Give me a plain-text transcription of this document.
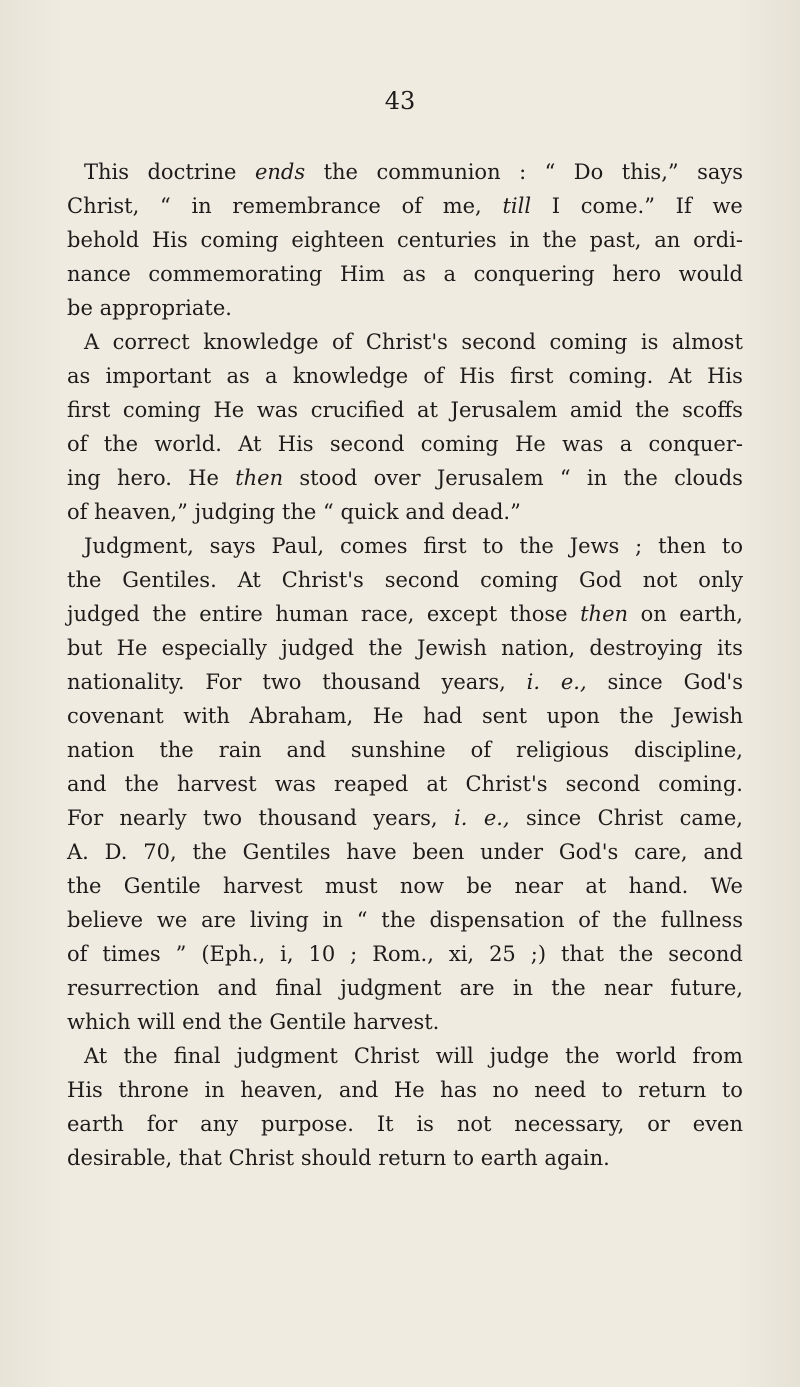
43
This doctrine ends the communion : “ Do this,” says
Christ, “ in remembrance of me, till I come.” If we
behold His coming eighteen centuries in the past, an ordi-
nance commemorating Him as a conquering hero would
be appropriate.
A correct knowledge of Christ's second coming is almost
as important as a knowledge of His first coming. At His
first coming He was crucified at Jerusalem amid the scoffs
of the world. At His second coming He was a conquer-
ing hero. He then stood over Jerusalem “ in the clouds
of heaven,” judging the “ quick and dead.”
Judgment, says Paul, comes first to the Jews ; then to
the Gentiles. At Christ's second coming God not only
judged the entire human race, except those then on earth,
but He especially judged the Jewish nation, destroying its
nationality. For two thousand years, i. e., since God's
covenant with Abraham, He had sent upon the Jewish
nation the rain and sunshine of religious discipline,
and the harvest was reaped at Christ's second coming.
For nearly two thousand years, i. e., since Christ came,
A. D. 70, the Gentiles have been under God's care, and
the Gentile harvest must now be near at hand. We
believe we are living in “ the dispensation of the fullness
of times ” (Eph., i, 10 ; Rom., xi, 25 ;) that the second
resurrection and final judgment are in the near future,
which will end the Gentile harvest.
At the final judgment Christ will judge the world from
His throne in heaven, and He has no need to return to
earth for any purpose. It is not necessary, or even
desirable, that Christ should return to earth again.
